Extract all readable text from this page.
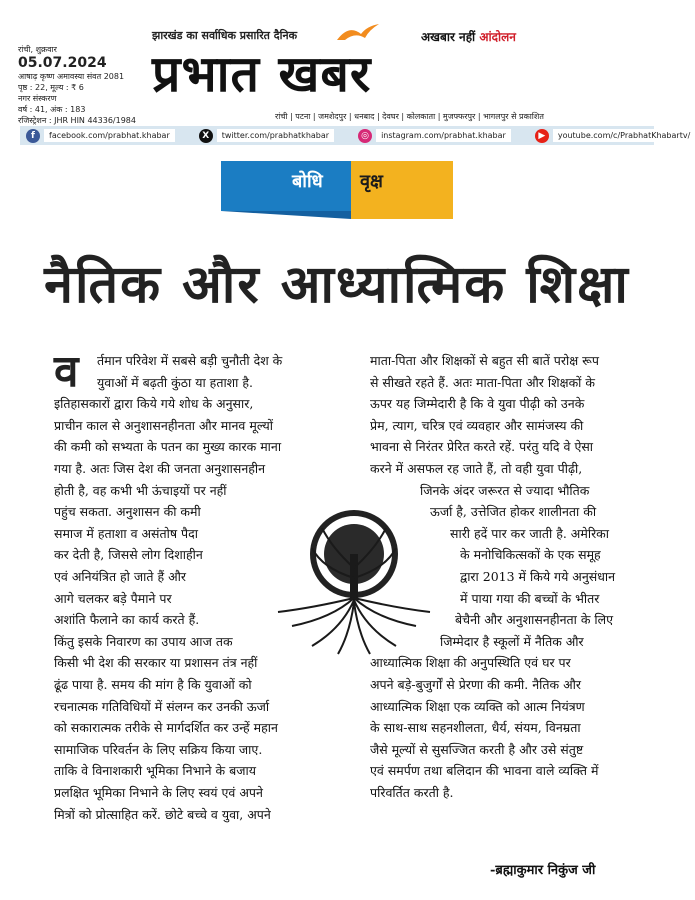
झारखंड का सर्वाधिक प्रसारित दैनिक	अखबार नहीं आंदोलन
रांची, शुक्रवार
05.07.2024
आषाढ़ कृष्ण अमावस्या संवत 2081
पृष्ठ : 22, मूल्य : ₹ 6
नगर संस्करण
वर्ष : 41, अंक : 183
रजिस्ट्रेशन : JHR HIN 44336/1984
प्रभात खबर
रांची | पटना | जमशेदपुर | धनबाद | देवघर | कोलकाता | मुजफ्फरपुर | भागलपुर से प्रकाशित
f	facebook.com/prabhat.khabar	X	twitter.com/prabhatkhabar	◎	instagram.com/prabhat.khabar	▶	youtube.com/c/PrabhatKhabartv/
बोधि वृक्ष
नैतिक और आध्यात्मिक शिक्षा
व र्तमान परिवेश में सबसे बड़ी चुनौती देश के
युवाओं में बढ़ती कुंठा या हताशा है.
इतिहासकारों द्वारा किये गये शोध के अनुसार,
प्राचीन काल से अनुशासनहीनता और मानव मूल्यों
की कमी को सभ्यता के पतन का मुख्य कारक माना
गया है. अतः जिस देश की जनता अनुशासनहीन
होती है, वह कभी भी ऊंचाइयों पर नहीं
पहुंच सकता. अनुशासन की कमी
समाज में हताशा व असंतोष पैदा
कर देती है, जिससे लोग दिशाहीन
एवं अनियंत्रित हो जाते हैं और
आगे चलकर बड़े पैमाने पर
अशांति फैलाने का कार्य करते हैं.
किंतु इसके निवारण का उपाय आज तक
किसी भी देश की सरकार या प्रशासन तंत्र नहीं
ढूंढ पाया है. समय की मांग है कि युवाओं को
रचनात्मक गतिविधियों में संलग्न कर उनकी ऊर्जा
को सकारात्मक तरीके से मार्गदर्शित कर उन्हें महान
सामाजिक परिवर्तन के लिए सक्रिय किया जाए.
ताकि वे विनाशकारी भूमिका निभाने के बजाय
प्रलक्षित भूमिका निभाने के लिए स्वयं एवं अपने
मित्रों को प्रोत्साहित करें. छोटे बच्चे व युवा, अपने
माता-पिता और शिक्षकों से बहुत सी बातें परोक्ष रूप
से सीखते रहते हैं. अतः माता-पिता और शिक्षकों के
ऊपर यह जिम्मेदारी है कि वे युवा पीढ़ी को उनके
प्रेम, त्याग, चरित्र एवं व्यवहार और सामंजस्य की
भावना से निरंतर प्रेरित करते रहें. परंतु यदि वे ऐसा
करने में असफल रह जाते हैं, तो वही युवा पीढ़ी,
जिनके अंदर जरूरत से ज्यादा भौतिक
ऊर्जा है, उत्तेजित होकर शालीनता की
सारी हदें पार कर जाती है. अमेरिका
के मनोचिकित्सकों के एक समूह
द्वारा 2013 में किये गये अनुसंधान
में पाया गया की बच्चों के भीतर
बेचैनी और अनुशासनहीनता के लिए
जिम्मेदार है स्कूलों में नैतिक और
आध्यात्मिक शिक्षा की अनुपस्थिति एवं घर पर
अपने बड़े-बुजुर्गों से प्रेरणा की कमी. नैतिक और
आध्यात्मिक शिक्षा एक व्यक्ति को आत्म नियंत्रण
के साथ-साथ सहनशीलता, धैर्य, संयम, विनम्रता
जैसे मूल्यों से सुसज्जित करती है और उसे संतुष्ट
एवं समर्पण तथा बलिदान की भावना वाले व्यक्ति में
परिवर्तित करती है.
-ब्रह्माकुमार निकुंज जी
